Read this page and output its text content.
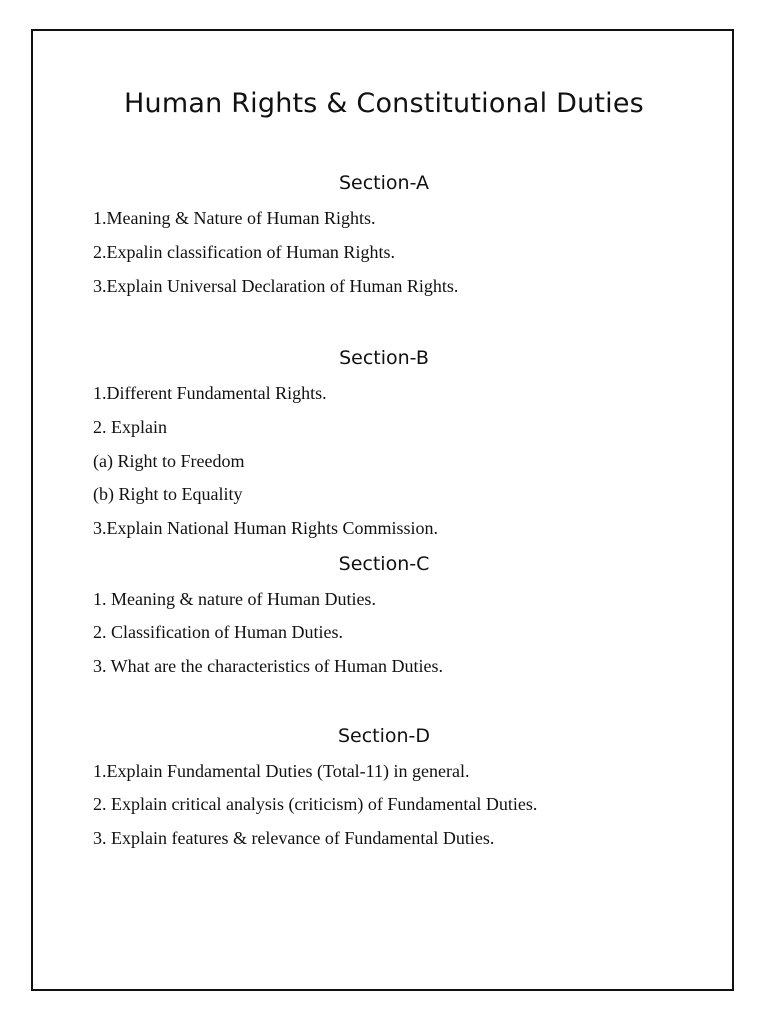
Human Rights & Constitutional Duties
Section-A
1.Meaning & Nature of Human Rights.
2.Expalin classification of Human Rights.
3.Explain Universal Declaration of Human Rights.
Section-B
1.Different Fundamental Rights.
2. Explain
(a) Right to Freedom
(b) Right to Equality
3.Explain National Human Rights Commission.
Section-C
1. Meaning & nature of Human Duties.
2. Classification of Human Duties.
3. What are the characteristics of Human Duties.
Section-D
1.Explain Fundamental Duties (Total-11) in general.
2. Explain critical analysis (criticism) of Fundamental Duties.
3. Explain features & relevance of Fundamental Duties.
